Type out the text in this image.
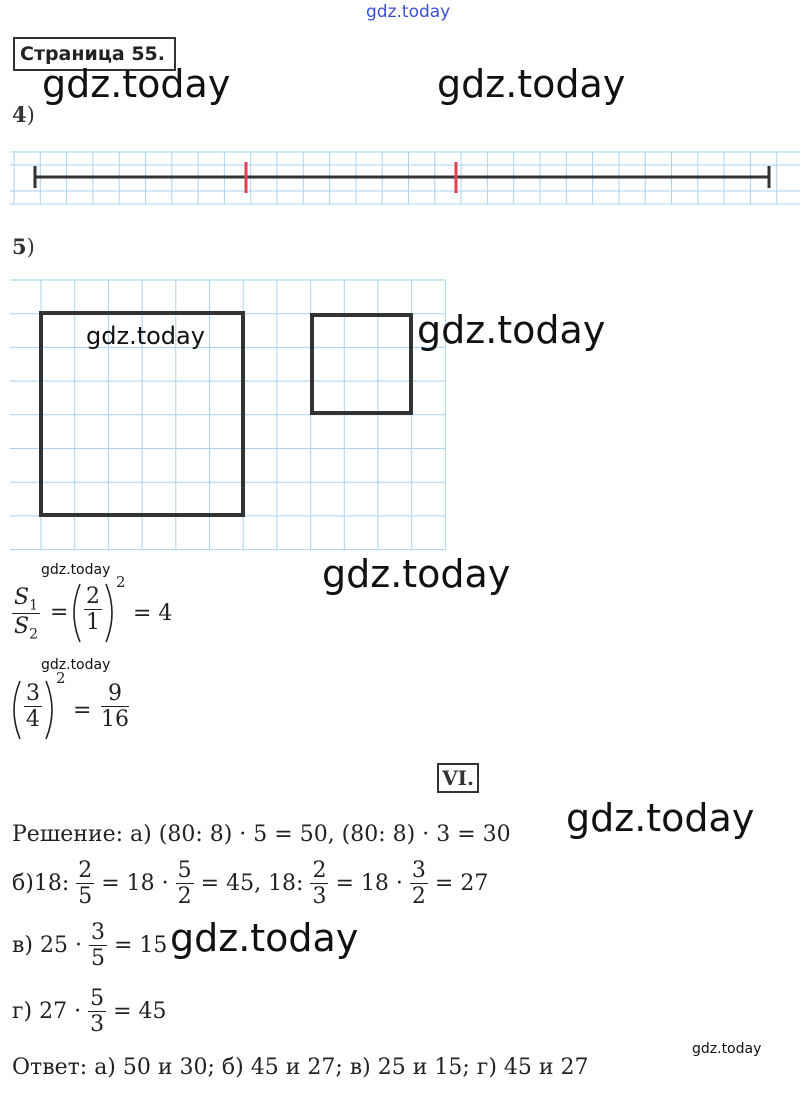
gdz.today
Страница 55.
gdz.today	gdz.today
4)
5)
gdz.today	gdz.today
gdz.today
gdz.today
$\frac{S_1}{S_2} = \frac{2}{1}$
2
= 4
gdz.today
$\frac{3}{4}$
2
= $\frac{9}{16}$
VI.
gdz.today
Решение: а) (80: 8) · 5 = 50, (80: 8) · 3 = 30
б)18: $\frac{2}{5} = 18 \cdot \frac{5}{2} = 45$, 18: $\frac{2}{3} = 18 \cdot \frac{3}{2} = 27$
в) $25 \cdot \frac{3}{5} = 15$ gdz.today
г) $27 \cdot \frac{5}{3} = 45$
gdz.today
Ответ: а) 50 и 30; б) 45 и 27; в) 25 и 15; г) 45 и 27
